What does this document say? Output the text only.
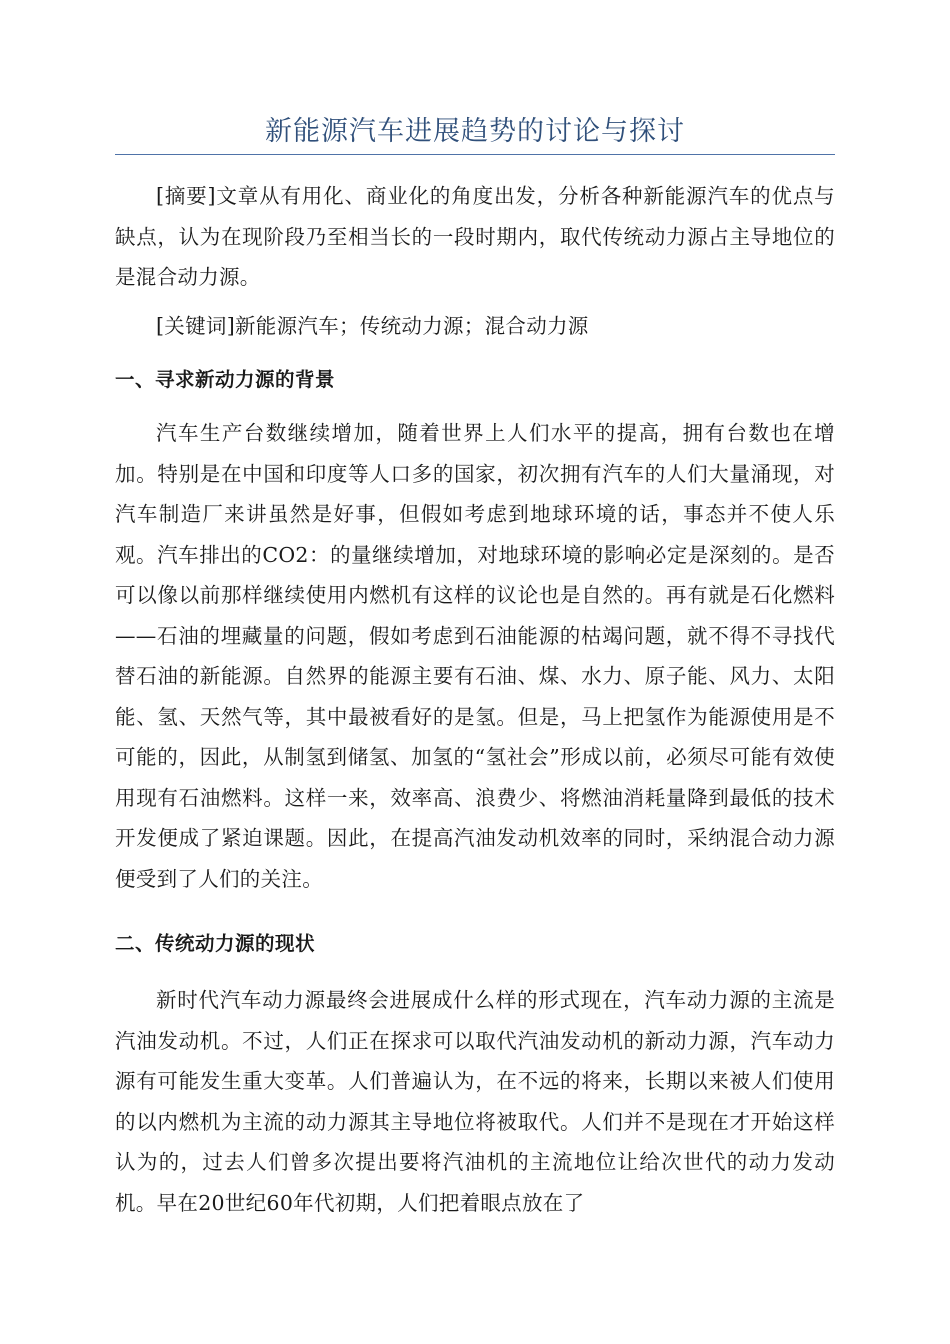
新能源汽车进展趋势的讨论与探讨

[摘要]文章从有用化、商业化的角度出发，分析各种新能源汽车的优点与缺点，认为在现阶段乃至相当长的一段时期内，取代传统动力源占主导地位的是混合动力源。

[关键词]新能源汽车；传统动力源；混合动力源

一、寻求新动力源的背景

汽车生产台数继续增加，随着世界上人们水平的提高，拥有台数也在增加。特别是在中国和印度等人口多的国家，初次拥有汽车的人们大量涌现，对汽车制造厂来讲虽然是好事，但假如考虑到地球环境的话，事态并不使人乐观。汽车排出的CO2：的量继续增加，对地球环境的影响必定是深刻的。是否可以像以前那样继续使用内燃机有这样的议论也是自然的。再有就是石化燃料——石油的埋藏量的问题，假如考虑到石油能源的枯竭问题，就不得不寻找代替石油的新能源。自然界的能源主要有石油、煤、水力、原子能、风力、太阳能、氢、天然气等，其中最被看好的是氢。但是，马上把氢作为能源使用是不可能的，因此，从制氢到储氢、加氢的“氢社会”形成以前，必须尽可能有效使用现有石油燃料。这样一来，效率高、浪费少、将燃油消耗量降到最低的技术开发便成了紧迫课题。因此，在提高汽油发动机效率的同时，采纳混合动力源便受到了人们的关注。

二、传统动力源的现状

新时代汽车动力源最终会进展成什么样的形式现在，汽车动力源的主流是汽油发动机。不过，人们正在探求可以取代汽油发动机的新动力源，汽车动力源有可能发生重大变革。人们普遍认为，在不远的将来，长期以来被人们使用的以内燃机为主流的动力源其主导地位将被取代。人们并不是现在才开始这样认为的，过去人们曾多次提出要将汽油机的主流地位让给次世代的动力发动机。早在20世纪60年代初期，人们把着眼点放在了
